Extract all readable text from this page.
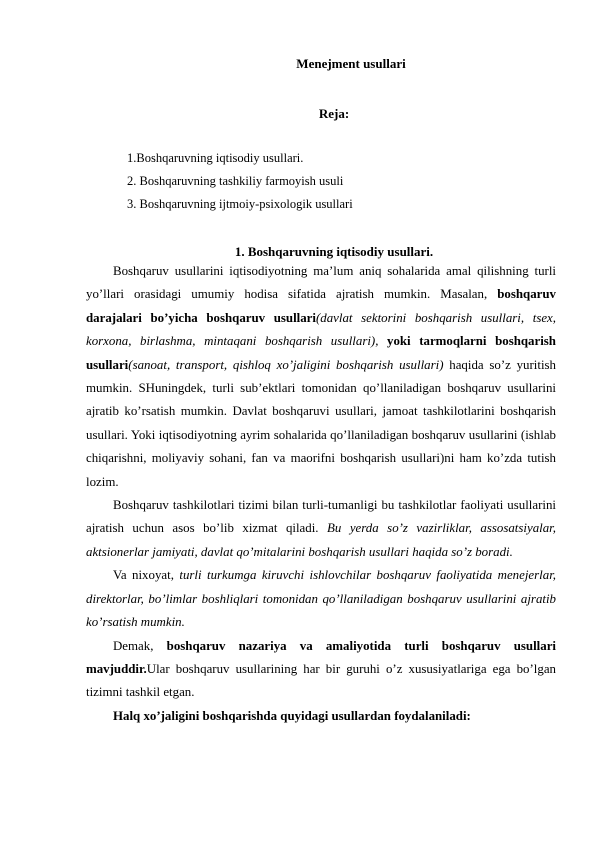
Menejment usullari
Reja:
1.Boshqaruvning iqtisodiy usullari.
2. Boshqaruvning tashkiliy farmoyish usuli
3. Boshqaruvning ijtmoiy-psixologik usullari
1. Boshqaruvning iqtisodiy usullari.

Boshqaruv usullarini iqtisodiyotning ma’lum aniq sohalarida amal qilishning turli yo’llari orasidagi umumiy hodisa sifatida ajratish mumkin. Masalan, boshqaruv darajalari bo’yicha boshqaruv usullari(davlat sektorini boshqarish usullari, tsex, korxona, birlashma, mintaqani boshqarish usullari), yoki tarmoqlarni boshqarish usullari(sanoat, transport, qishloq xo’jaligini boshqarish usullari) haqida so’z yuritish mumkin. SHuningdek, turli sub’ektlari tomonidan qo’llaniladigan boshqaruv usullarini ajratib ko’rsatish mumkin. Davlat boshqaruvi usullari, jamoat tashkilotlarini boshqarish usullari. Yoki iqtisodiyotning ayrim sohalarida qo’llaniladigan boshqaruv usullarini (ishlab chiqarishni, moliyaviy sohani, fan va maorifni boshqarish usullari)ni ham ko’zda tutish lozim.

Boshqaruv tashkilotlari tizimi bilan turli-tumanligi bu tashkilotlar faoliyati usullarini ajratish uchun asos bo’lib xizmat qiladi. Bu yerda so’z vazirliklar, assosatsiyalar, aktsionerlar jamiyati, davlat qo’mitalarini boshqarish usullari haqida so’z boradi.

Va nixoyat, turli turkumga kiruvchi ishlovchilar boshqaruv faoliyatida menejerlar, direktorlar, bo’limlar boshliqlari tomonidan qo’llaniladigan boshqaruv usullarini ajratib ko’rsatish mumkin.

Demak, boshqaruv nazariya va amaliyotida turli boshqaruv usullari mavjuddir.Ular boshqaruv usullarining har bir guruhi o’z xususiyatlariga ega bo’lgan tizimni tashkil etgan.

Halq xo’jaligini boshqarishda quyidagi usullardan foydalaniladi:
